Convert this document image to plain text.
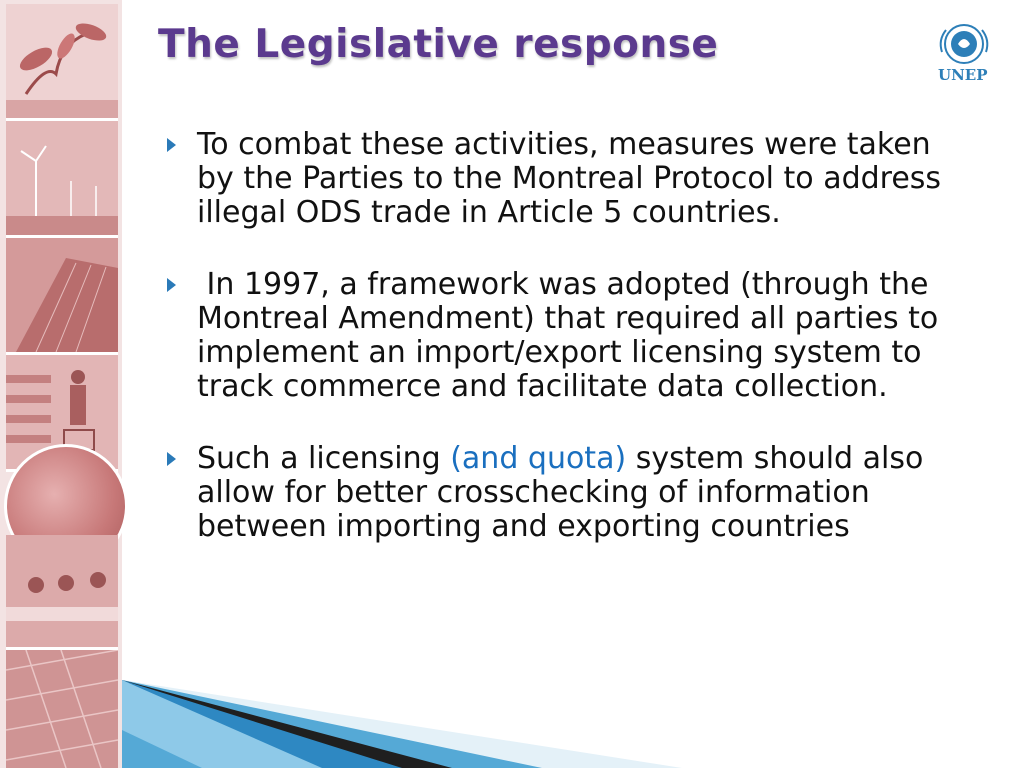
The Legislative response
UNEP
To combat these activities, measures were taken by the Parties to the Montreal Protocol to address illegal ODS trade in Article 5 countries.
In 1997, a framework was adopted (through the Montreal Amendment) that required all parties to implement an import/export licensing system to track commerce and facilitate data collection.
Such a licensing (and quota) system should also allow for better crosschecking of information between importing and exporting countries
